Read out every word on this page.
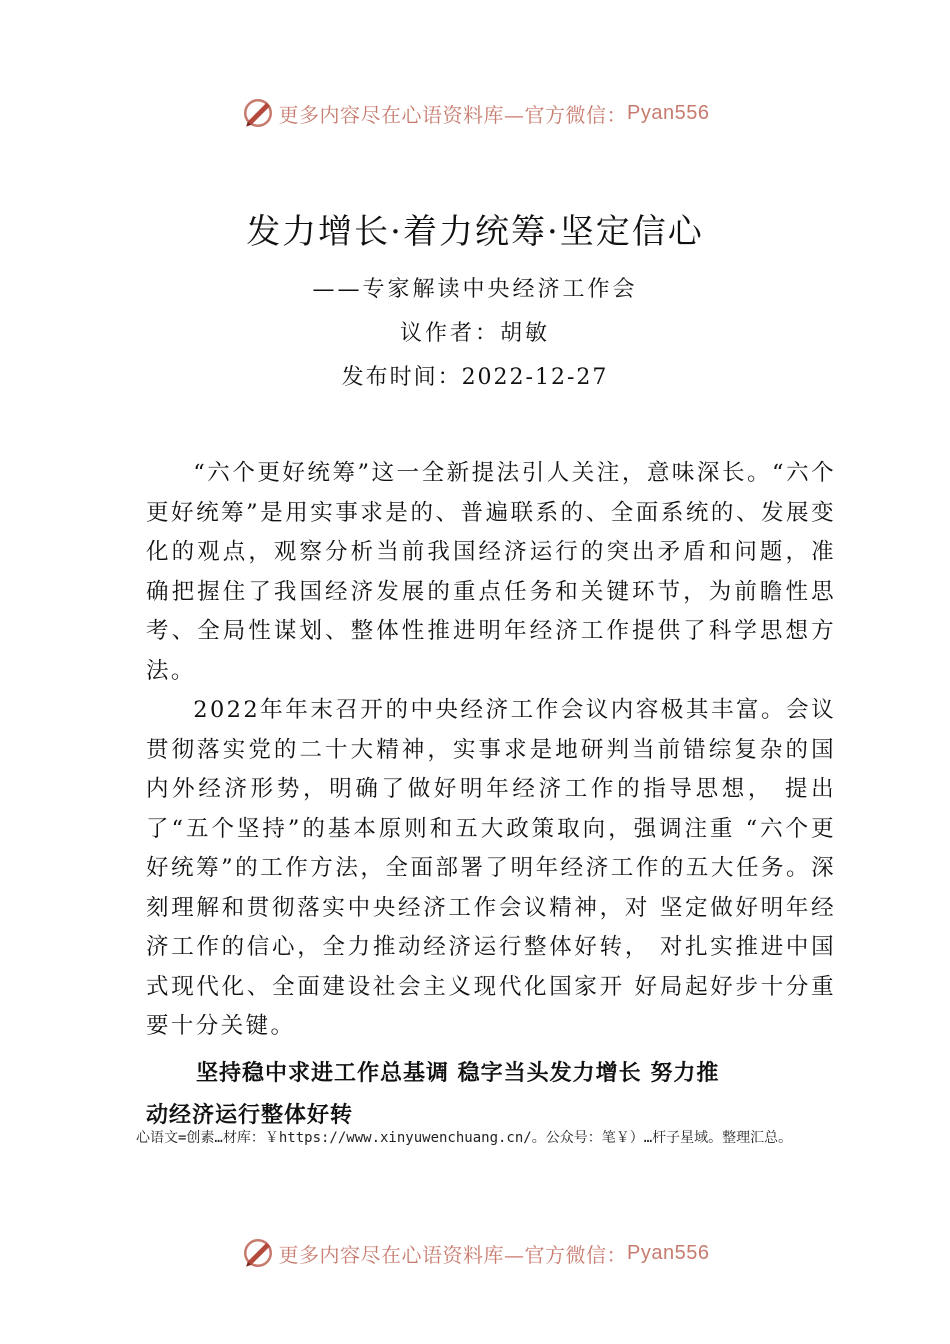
更多内容尽在心语资料库—官方微信： Pyan556
发力增长·着力统筹·坚定信心
——专家解读中央经济工作会
议作者：胡敏
发布时间：2022-12-27

“六个更好统筹”这一全新提法引人关注，意味深长。“六个更好统筹”是用实事求是的、普遍联系的、全面系统的、发展变化的观点，观察分析当前我国经济运行的突出矛盾和问题，准确把握住了我国经济发展的重点任务和关键环节，为前瞻性思考、全局性谋划、整体性推进明年经济工作提供了科学思想方法。

2022年年末召开的中央经济工作会议内容极其丰富。会议贯彻落实党的二十大精神，实事求是地研判当前错综复杂的国内外经济形势，明确了做好明年经济工作的指导思想， 提出了“五个坚持”的基本原则和五大政策取向，强调注重 “六个更好统筹”的工作方法，全面部署了明年经济工作的五大任务。深刻理解和贯彻落实中央经济工作会议精神，对 坚定做好明年经济工作的信心，全力推动经济运行整体好转， 对扎实推进中国式现代化、全面建设社会主义现代化国家开 好局起好步十分重要十分关键。

坚持稳中求进工作总基调 稳字当头发力增长 努力推
动经济运行整体好转
心语文=创素…材库：￥https://www.xinyuwenchuang.cn/。公众号：笔￥）…杆子星域。整理汇总。
更多内容尽在心语资料库—官方微信： Pyan556
